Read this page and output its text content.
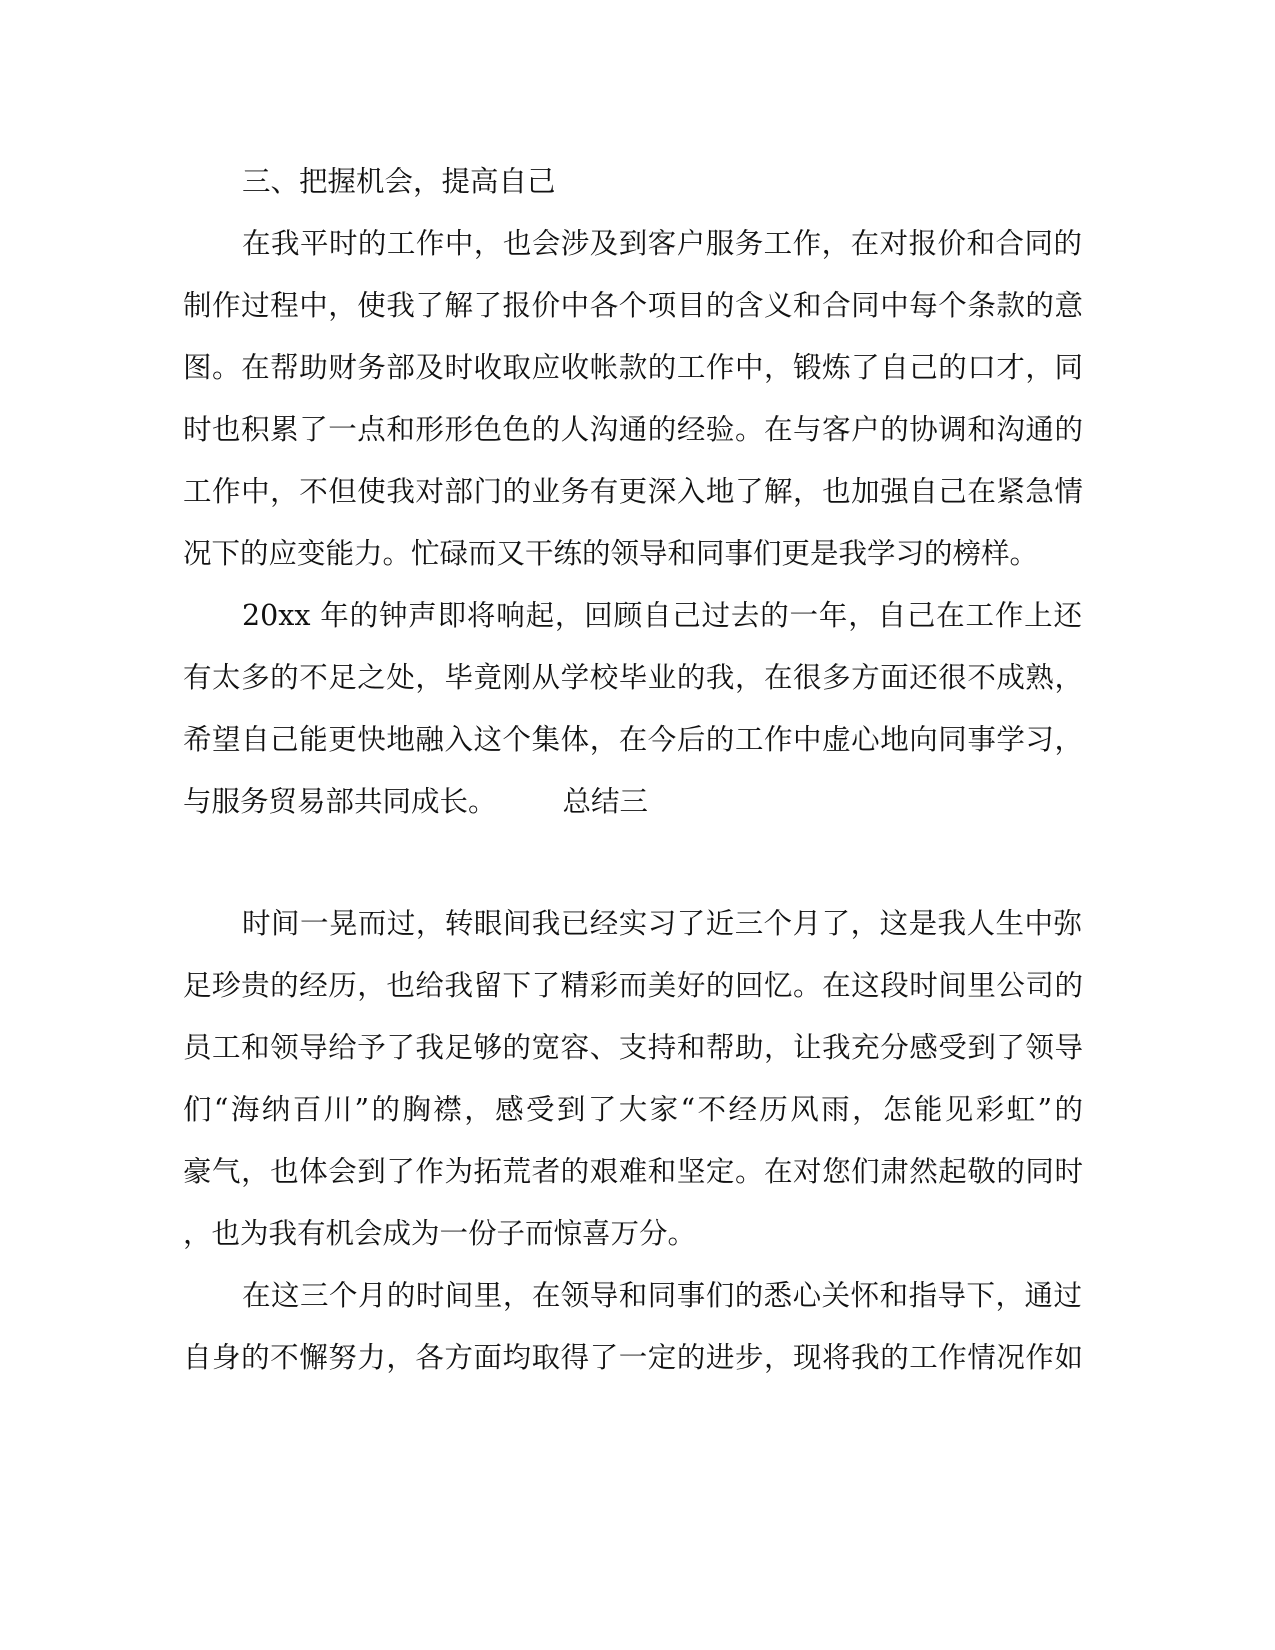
三、把握机会，提高自己
在我平时的工作中，也会涉及到客户服务工作，在对报价和合同的
制作过程中，使我了解了报价中各个项目的含义和合同中每个条款的意
图。在帮助财务部及时收取应收帐款的工作中，锻炼了自己的口才，同
时也积累了一点和形形色色的人沟通的经验。在与客户的协调和沟通的
工作中，不但使我对部门的业务有更深入地了解，也加强自己在紧急情
况下的应变能力。忙碌而又干练的领导和同事们更是我学习的榜样。
20xx 年的钟声即将响起，回顾自己过去的一年，自己在工作上还
有太多的不足之处，毕竟刚从学校毕业的我，在很多方面还很不成熟，
希望自己能更快地融入这个集体，在今后的工作中虚心地向同事学习，
与服务贸易部共同成长。 总结三
时间一晃而过，转眼间我已经实习了近三个月了，这是我人生中弥
足珍贵的经历，也给我留下了精彩而美好的回忆。在这段时间里公司的
员工和领导给予了我足够的宽容、支持和帮助，让我充分感受到了领导
们“海纳百川”的胸襟，感受到了大家“不经历风雨，怎能见彩虹”的
豪气，也体会到了作为拓荒者的艰难和坚定。在对您们肃然起敬的同时
，也为我有机会成为一份子而惊喜万分。
在这三个月的时间里，在领导和同事们的悉心关怀和指导下，通过
自身的不懈努力，各方面均取得了一定的进步，现将我的工作情况作如
